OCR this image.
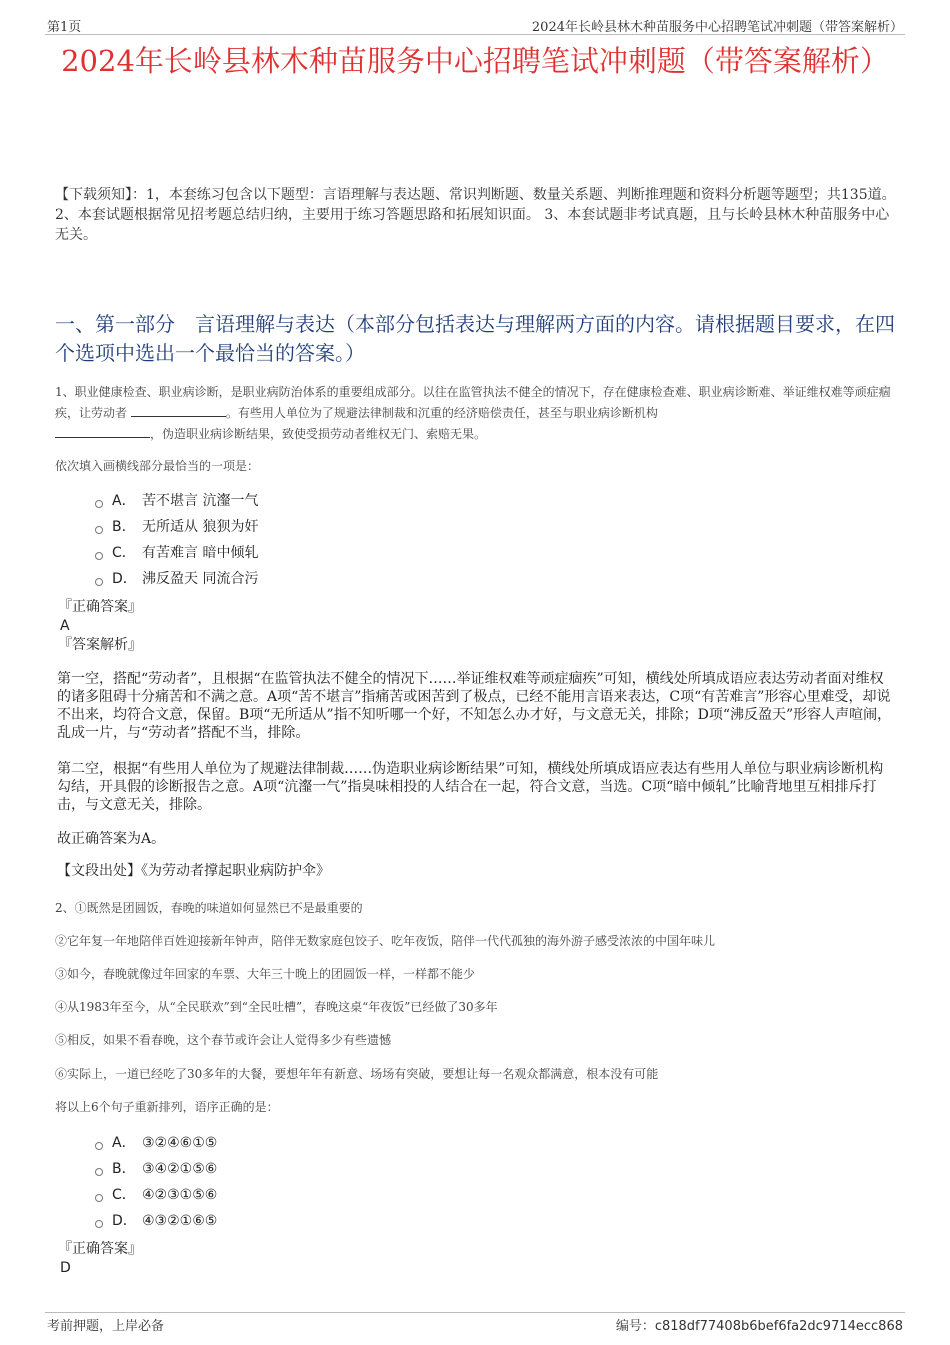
第1页	2024年长岭县林木种苗服务中心招聘笔试冲刺题（带答案解析）
2024年长岭县林木种苗服务中心招聘笔试冲刺题（带答案解析）
【下载须知】：1，本套练习包含以下题型：言语理解与表达题、常识判断题、数量关系题、判断推理题和资料分析题等题型；共135道。 2、本套试题根据常见招考题总结归纳，主要用于练习答题思路和拓展知识面。 3、本套试题非考试真题，且与长岭县林木种苗服务中心无关。
一、第一部分　言语理解与表达（本部分包括表达与理解两方面的内容。请根据题目要求，在四个选项中选出一个最恰当的答案。）
1、职业健康检查、职业病诊断，是职业病防治体系的重要组成部分。以往在监管执法不健全的情况下，存在健康检查难、职业病诊断难、举证维权难等顽症痼疾，让劳动者	。有些用人单位为了规避法律制裁和沉重的经济赔偿责任，甚至与职业病诊断机构
，伪造职业病诊断结果，致使受损劳动者维权无门、索赔无果。
依次填入画横线部分最恰当的一项是：
A． 苦不堪言 沆瀣一气
B． 无所适从 狼狈为奸
C． 有苦难言 暗中倾轧
D． 沸反盈天 同流合污
『正确答案』
A
『答案解析』
第一空，搭配“劳动者”，且根据“在监管执法不健全的情况下……举证维权难等顽症痼疾”可知，横线处所填成语应表达劳动者面对维权的诸多阻碍十分痛苦和不满之意。A项“苦不堪言”指痛苦或困苦到了极点，已经不能用言语来表达，C项“有苦难言”形容心里难受，却说不出来，均符合文意，保留。B项“无所适从”指不知听哪一个好，不知怎么办才好，与文意无关，排除；D项“沸反盈天”形容人声喧闹，乱成一片，与“劳动者”搭配不当，排除。
第二空，根据“有些用人单位为了规避法律制裁……伪造职业病诊断结果”可知，横线处所填成语应表达有些用人单位与职业病诊断机构勾结，开具假的诊断报告之意。A项“沆瀣一气”指臭味相投的人结合在一起，符合文意，当选。C项“暗中倾轧”比喻背地里互相排斥打击，与文意无关，排除。
故正确答案为A。
【文段出处】《为劳动者撑起职业病防护伞》
2、①既然是团圆饭，春晚的味道如何显然已不是最重要的
②它年复一年地陪伴百姓迎接新年钟声，陪伴无数家庭包饺子、吃年夜饭，陪伴一代代孤独的海外游子感受浓浓的中国年味儿
③如今，春晚就像过年回家的车票、大年三十晚上的团圆饭一样，一样都不能少
④从1983年至今，从“全民联欢”到“全民吐槽”，春晚这桌“年夜饭”已经做了30多年
⑤相反，如果不看春晚，这个春节或许会让人觉得多少有些遗憾
⑥实际上，一道已经吃了30多年的大餐，要想年年有新意、场场有突破，要想让每一名观众都满意，根本没有可能
将以上6个句子重新排列，语序正确的是：
A． ③②④⑥①⑤
B． ③④②①⑤⑥
C． ④②③①⑤⑥
D． ④③②①⑥⑤
『正确答案』
D
考前押题，上岸必备	编号：c818df77408b6bef6fa2dc9714ecc868
